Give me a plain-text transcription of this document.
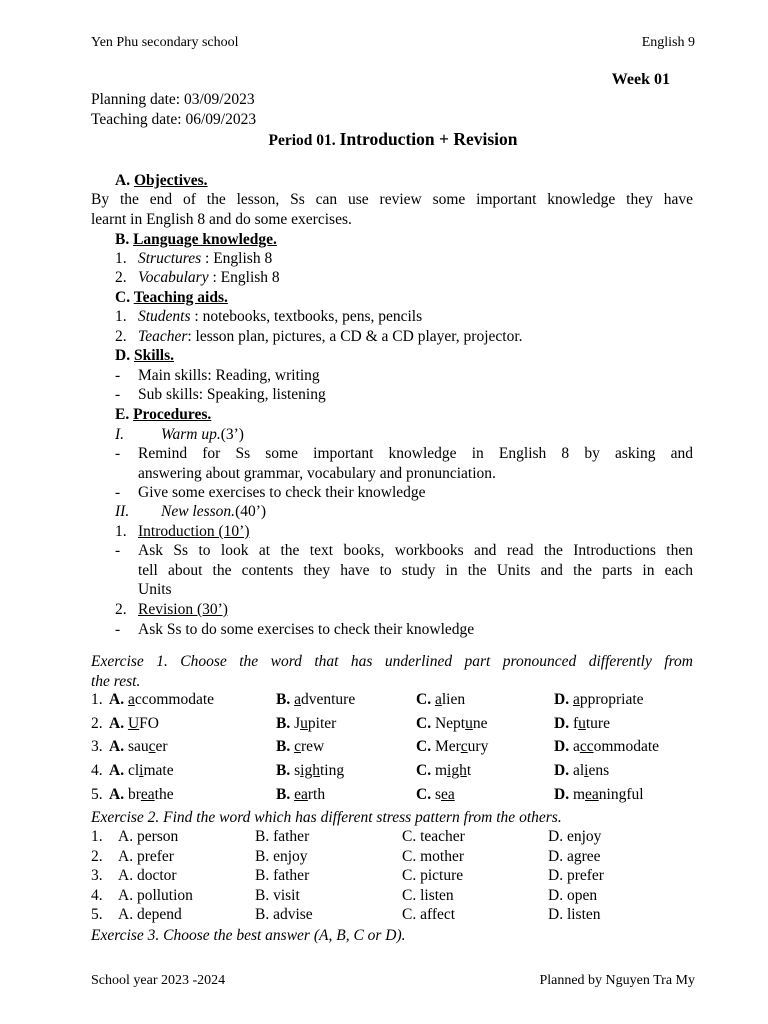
Yen Phu secondary school	English 9
Week 01
Planning date: 03/09/2023
Teaching date: 06/09/2023
Period 01. Introduction + Revision
A. Objectives.
By the end of the lesson, Ss can use review some important knowledge they have
learnt in English 8 and do some exercises.
B. Language knowledge.
1. Structures : English 8
2. Vocabulary : English 8
C. Teaching aids.
1. Students : notebooks, textbooks, pens, pencils
2. Teacher: lesson plan, pictures, a CD & a CD player, projector.
D. Skills.
- Main skills: Reading, writing
- Sub skills: Speaking, listening
E. Procedures.
I. Warm up.(3’)
- Remind for Ss some important knowledge in English 8 by asking and
answering about grammar, vocabulary and pronunciation.
- Give some exercises to check their knowledge
II. New lesson.(40’)
1. Introduction (10’)
- Ask Ss to look at the text books, workbooks and read the Introductions then
tell about the contents they have to study in the Units and the parts in each
Units
2. Revision (30’)
- Ask Ss to do some exercises to check their knowledge
Exercise 1. Choose the word that has underlined part pronounced differently from
the rest.
1. A. accommodate	B. adventure	C. alien	D. appropriate
2. A. UFO	B. Jupiter	C. Neptune	D. future
3. A. saucer	B. crew	C. Mercury	D. accommodate
4. A. climate	B. sighting	C. might	D. aliens
5. A. breathe	B. earth	C. sea	D. meaningful
Exercise 2. Find the word which has different stress pattern from the others.
1. A. person	B. father	C. teacher	D. enjoy
2. A. prefer	B. enjoy	C. mother	D. agree
3. A. doctor	B. father	C. picture	D. prefer
4. A. pollution	B. visit	C. listen	D. open
5. A. depend	B. advise	C. affect	D. listen
Exercise 3. Choose the best answer (A, B, C or D).
School year 2023 -2024	Planned by Nguyen Tra My
